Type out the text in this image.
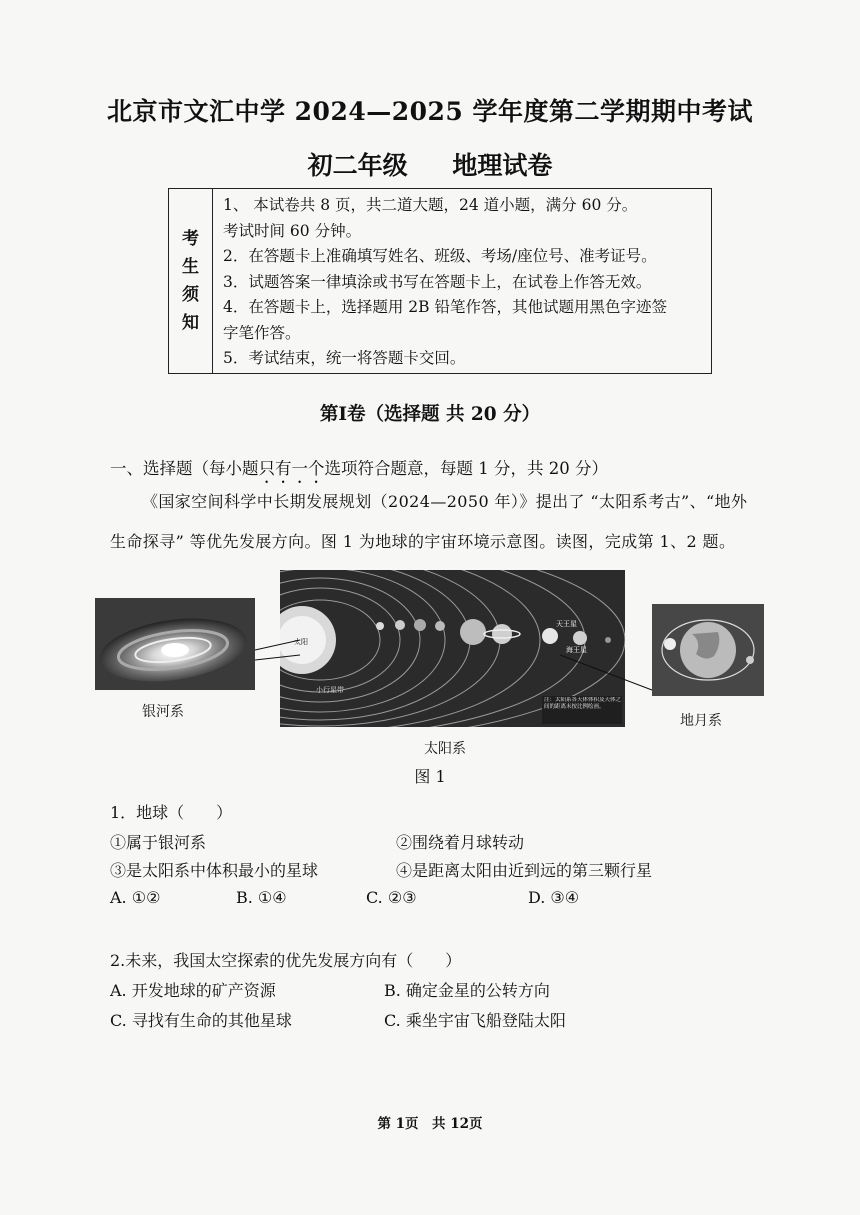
北京市文汇中学 2024—2025 学年度第二学期期中考试
初二年级 地理试卷
考
生
须
知
1、 本试卷共 8 页，共二道大题，24 道小题，满分 60 分。
考试时间 60 分钟。
2．在答题卡上准确填写姓名、班级、考场/座位号、准考证号。
3．试题答案一律填涂或书写在答题卡上，在试卷上作答无效。
4．在答题卡上，选择题用 2B 铅笔作答，其他试题用黑色字迹签
字笔作答。
5．考试结束，统一将答题卡交回。
第Ⅰ卷（选择题 共 20 分）
一、选择题（每小题只有一个选项符合题意，每题 1 分，共 20 分）
《国家空间科学中长期发展规划（2024—2050 年）》提出了 “太阳系考古”、“地外生命探寻” 等优先发展方向。图 1 为地球的宇宙环境示意图。读图，完成第 1、2 题。
太阳
天王星
海王星
小行星带
注：太阳系各天体体积及天体之间的距离未按比例绘画。
银河系
太阳系
地月系
图 1
1．地球（　　）
①属于银河系	②围绕着月球转动
③是太阳系中体积最小的星球	④是距离太阳由近到远的第三颗行星
A. ①②	B. ①④	C. ②③	D. ③④
2.未来，我国太空探索的优先发展方向有（　　）
A. 开发地球的矿产资源	B. 确定金星的公转方向
C. 寻找有生命的其他星球	C. 乘坐宇宙飞船登陆太阳
第 1页　共 12页
